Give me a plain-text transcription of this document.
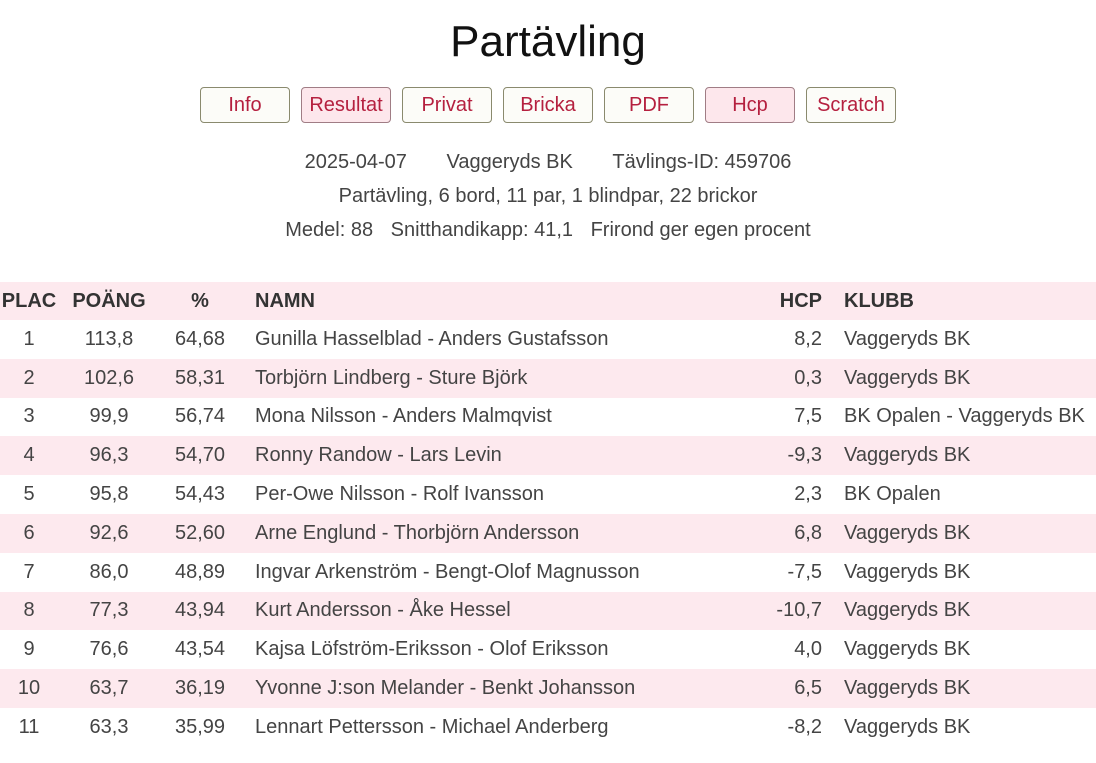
Partävling
Info	Resultat	Privat	Bricka	PDF	Hcp	Scratch
2025-04-07 Vaggeryds BK Tävlings-ID: 459706
Partävling, 6 bord, 11 par, 1 blindpar, 22 brickor
Medel: 88 Snitthandikapp: 41,1 Frirond ger egen procent
PLAC	POÄNG	%	NAMN	HCP		KLUBB
1	113,8	64,68	Gunilla Hasselblad - Anders Gustafsson	8,2		Vaggeryds BK
2	102,6	58,31	Torbjörn Lindberg - Sture Björk	0,3		Vaggeryds BK
3	99,9	56,74	Mona Nilsson - Anders Malmqvist	7,5		BK Opalen - Vaggeryds BK
4	96,3	54,70	Ronny Randow - Lars Levin	-9,3		Vaggeryds BK
5	95,8	54,43	Per-Owe Nilsson - Rolf Ivansson	2,3		BK Opalen
6	92,6	52,60	Arne Englund - Thorbjörn Andersson	6,8		Vaggeryds BK
7	86,0	48,89	Ingvar Arkenström - Bengt-Olof Magnusson	-7,5		Vaggeryds BK
8	77,3	43,94	Kurt Andersson - Åke Hessel	-10,7		Vaggeryds BK
9	76,6	43,54	Kajsa Löfström-Eriksson - Olof Eriksson	4,0		Vaggeryds BK
10	63,7	36,19	Yvonne J:son Melander - Benkt Johansson	6,5		Vaggeryds BK
11	63,3	35,99	Lennart Pettersson - Michael Anderberg	-8,2		Vaggeryds BK
